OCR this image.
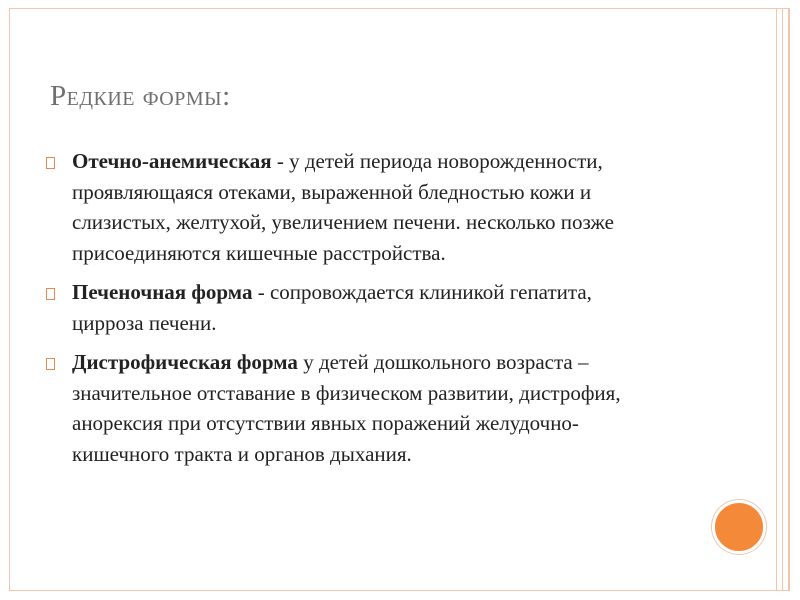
Редкие формы:
Отечно-анемическая - у детей периода новорожденности, проявляющаяся отеками, выраженной бледностью кожи и слизистых, желтухой, увеличением печени. несколько позже присоединяются кишечные расстройства.
Печеночная форма - сопровождается клиникой гепатита, цирроза печени.
Дистрофическая форма у детей дошкольного возраста – значительное отставание в физическом развитии, дистрофия, анорексия при отсутствии явных поражений желудочно- кишечного тракта и органов дыхания.
